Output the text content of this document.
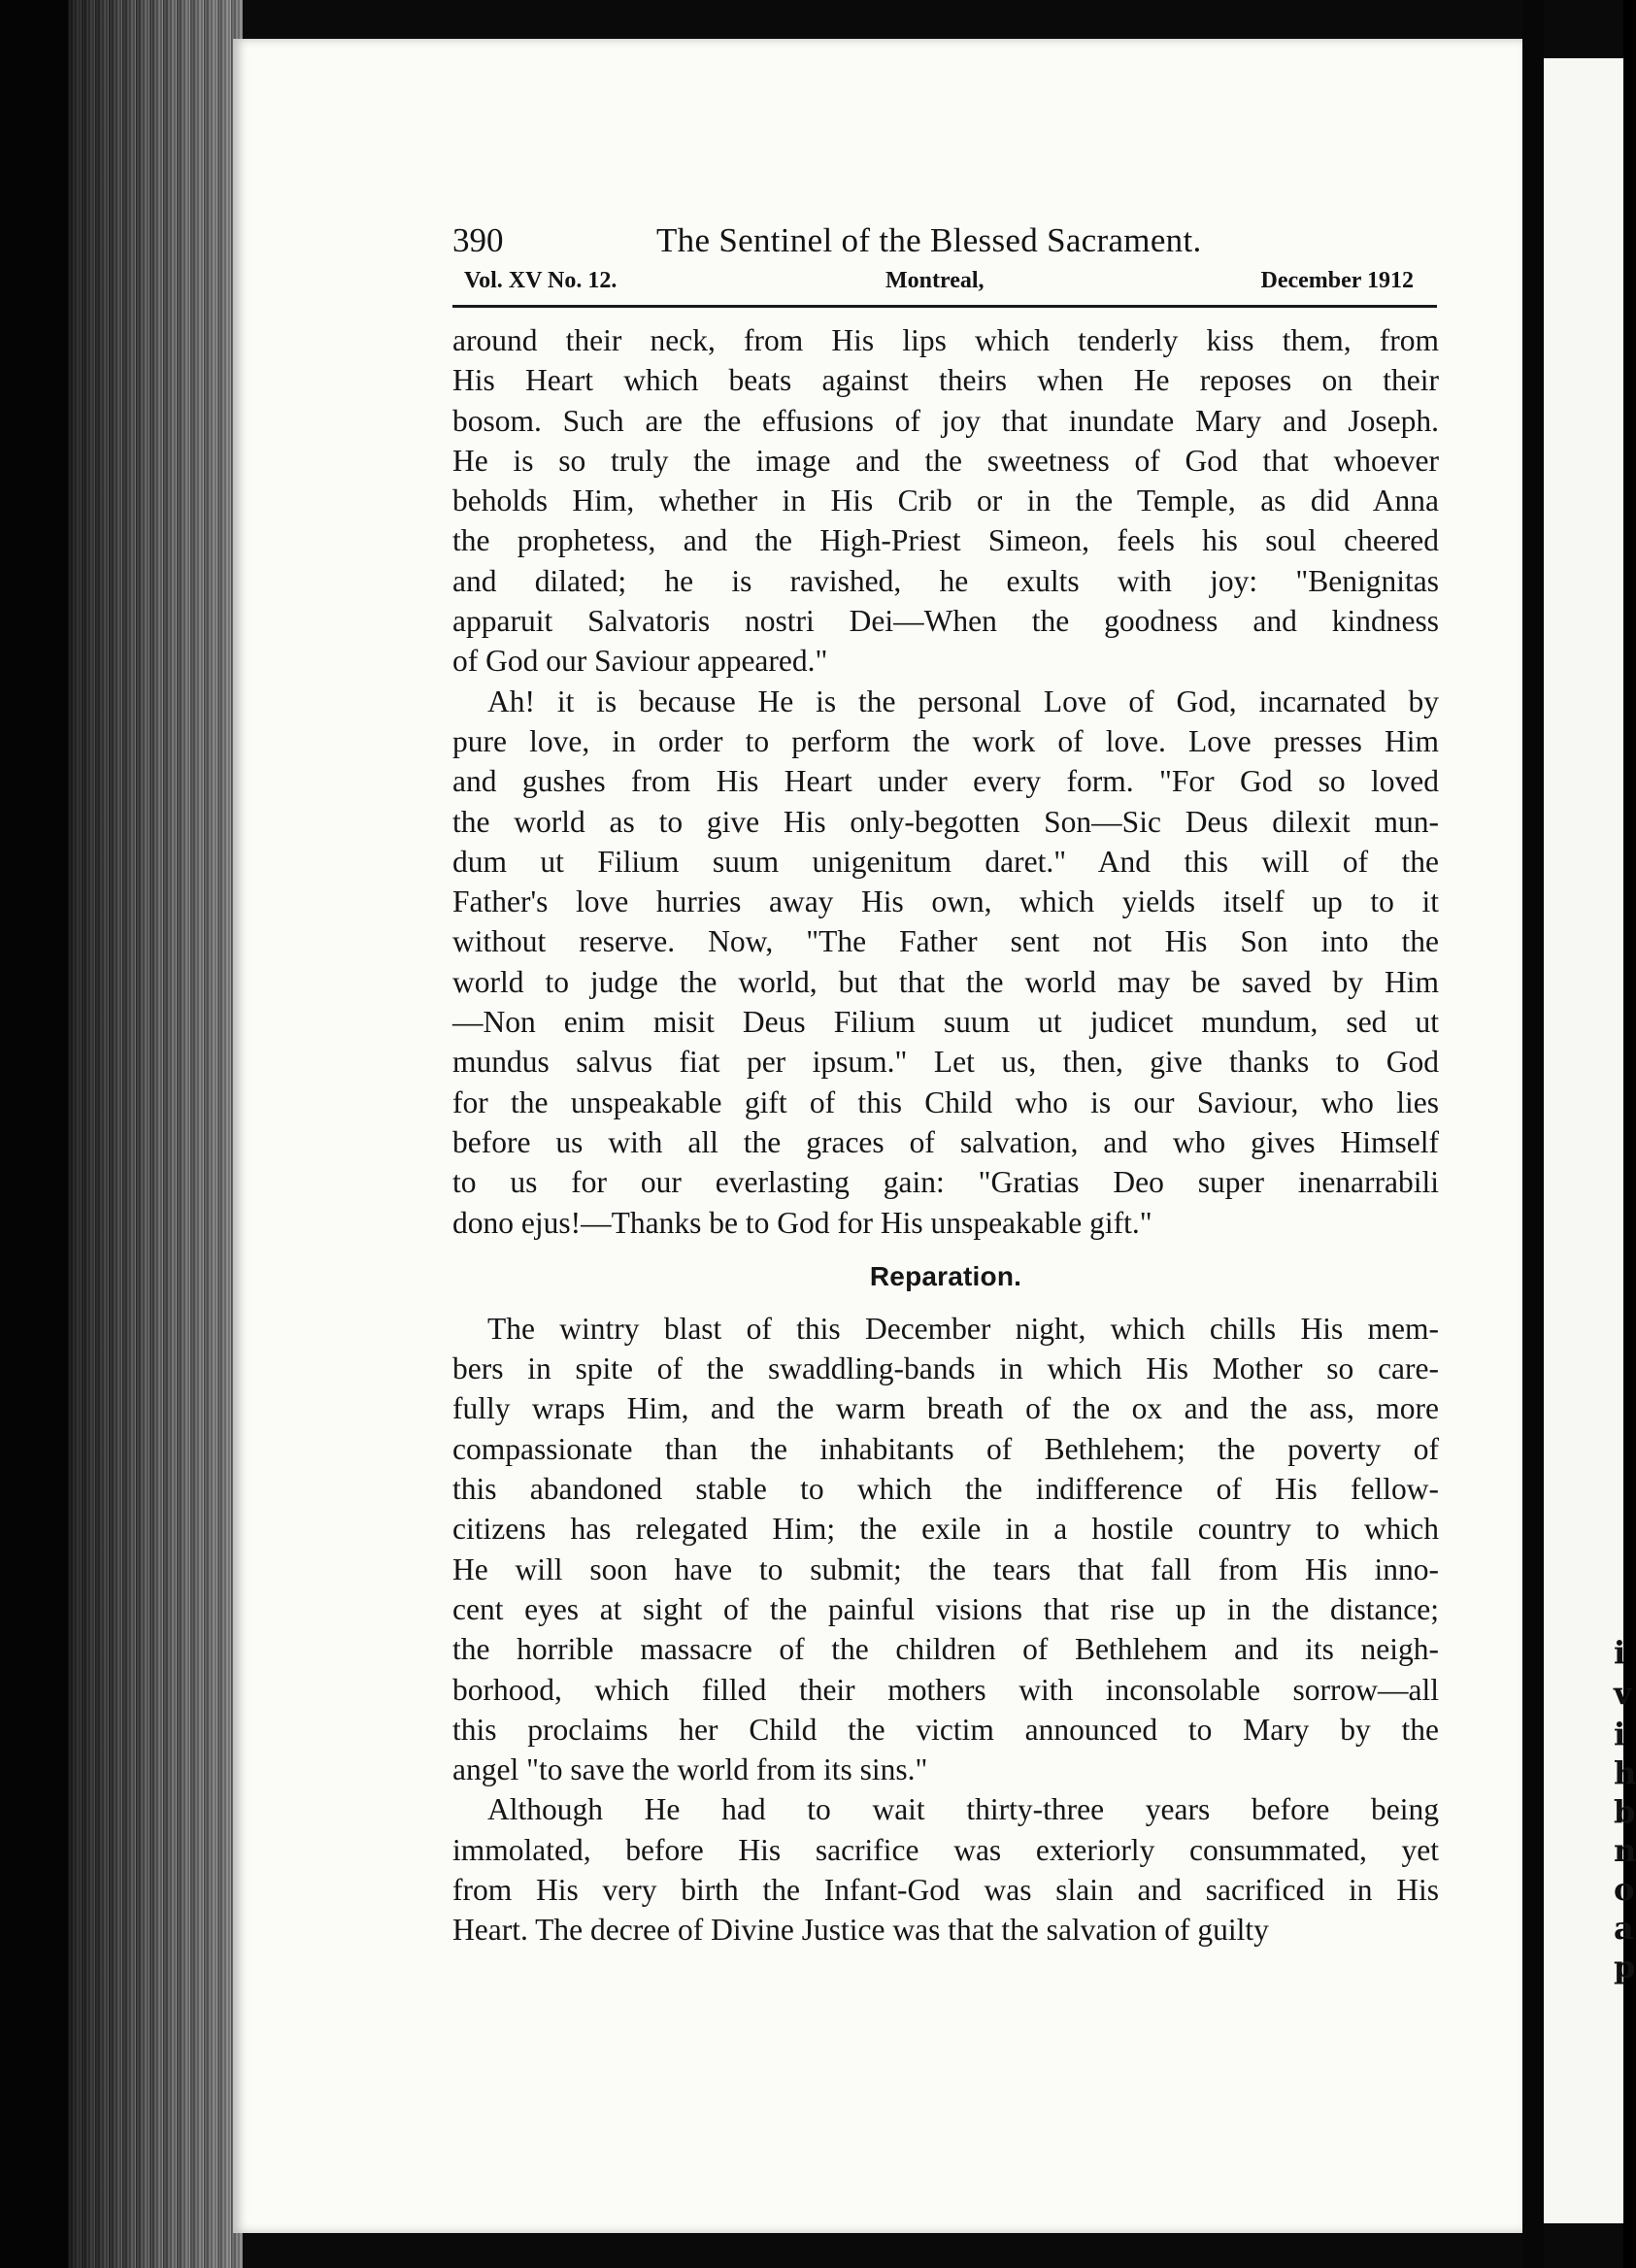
i
v
i
h
b
n
o
a
p
390	The Sentinel of the Blessed Sacrament.
Vol. XV No. 12.	Montreal,	December 1912
around their neck, from His lips which tenderly kiss them, from
His Heart which beats against theirs when He reposes on their
bosom. Such are the effusions of joy that inundate Mary and Joseph.
He is so truly the image and the sweetness of God that whoever
beholds Him, whether in His Crib or in the Temple, as did Anna
the prophetess, and the High-Priest Simeon, feels his soul cheered
and dilated; he is ravished, he exults with joy: "Benignitas
apparuit Salvatoris nostri Dei—When the goodness and kindness
of God our Saviour appeared."
Ah! it is because He is the personal Love of God, incarnated by
pure love, in order to perform the work of love. Love presses Him
and gushes from His Heart under every form. "For God so loved
the world as to give His only-begotten Son—Sic Deus dilexit mun-
dum ut Filium suum unigenitum daret." And this will of the
Father's love hurries away His own, which yields itself up to it
without reserve. Now, "The Father sent not His Son into the
world to judge the world, but that the world may be saved by Him
—Non enim misit Deus Filium suum ut judicet mundum, sed ut
mundus salvus fiat per ipsum." Let us, then, give thanks to God
for the unspeakable gift of this Child who is our Saviour, who lies
before us with all the graces of salvation, and who gives Himself
to us for our everlasting gain: "Gratias Deo super inenarrabili
dono ejus!—Thanks be to God for His unspeakable gift."
Reparation.
The wintry blast of this December night, which chills His mem-
bers in spite of the swaddling-bands in which His Mother so care-
fully wraps Him, and the warm breath of the ox and the ass, more
compassionate than the inhabitants of Bethlehem; the poverty of
this abandoned stable to which the indifference of His fellow-
citizens has relegated Him; the exile in a hostile country to which
He will soon have to submit; the tears that fall from His inno-
cent eyes at sight of the painful visions that rise up in the distance;
the horrible massacre of the children of Bethlehem and its neigh-
borhood, which filled their mothers with inconsolable sorrow—all
this proclaims her Child the victim announced to Mary by the
angel "to save the world from its sins."
Although He had to wait thirty-three years before being
immolated, before His sacrifice was exteriorly consummated, yet
from His very birth the Infant-God was slain and sacrificed in His
Heart. The decree of Divine Justice was that the salvation of guilty
